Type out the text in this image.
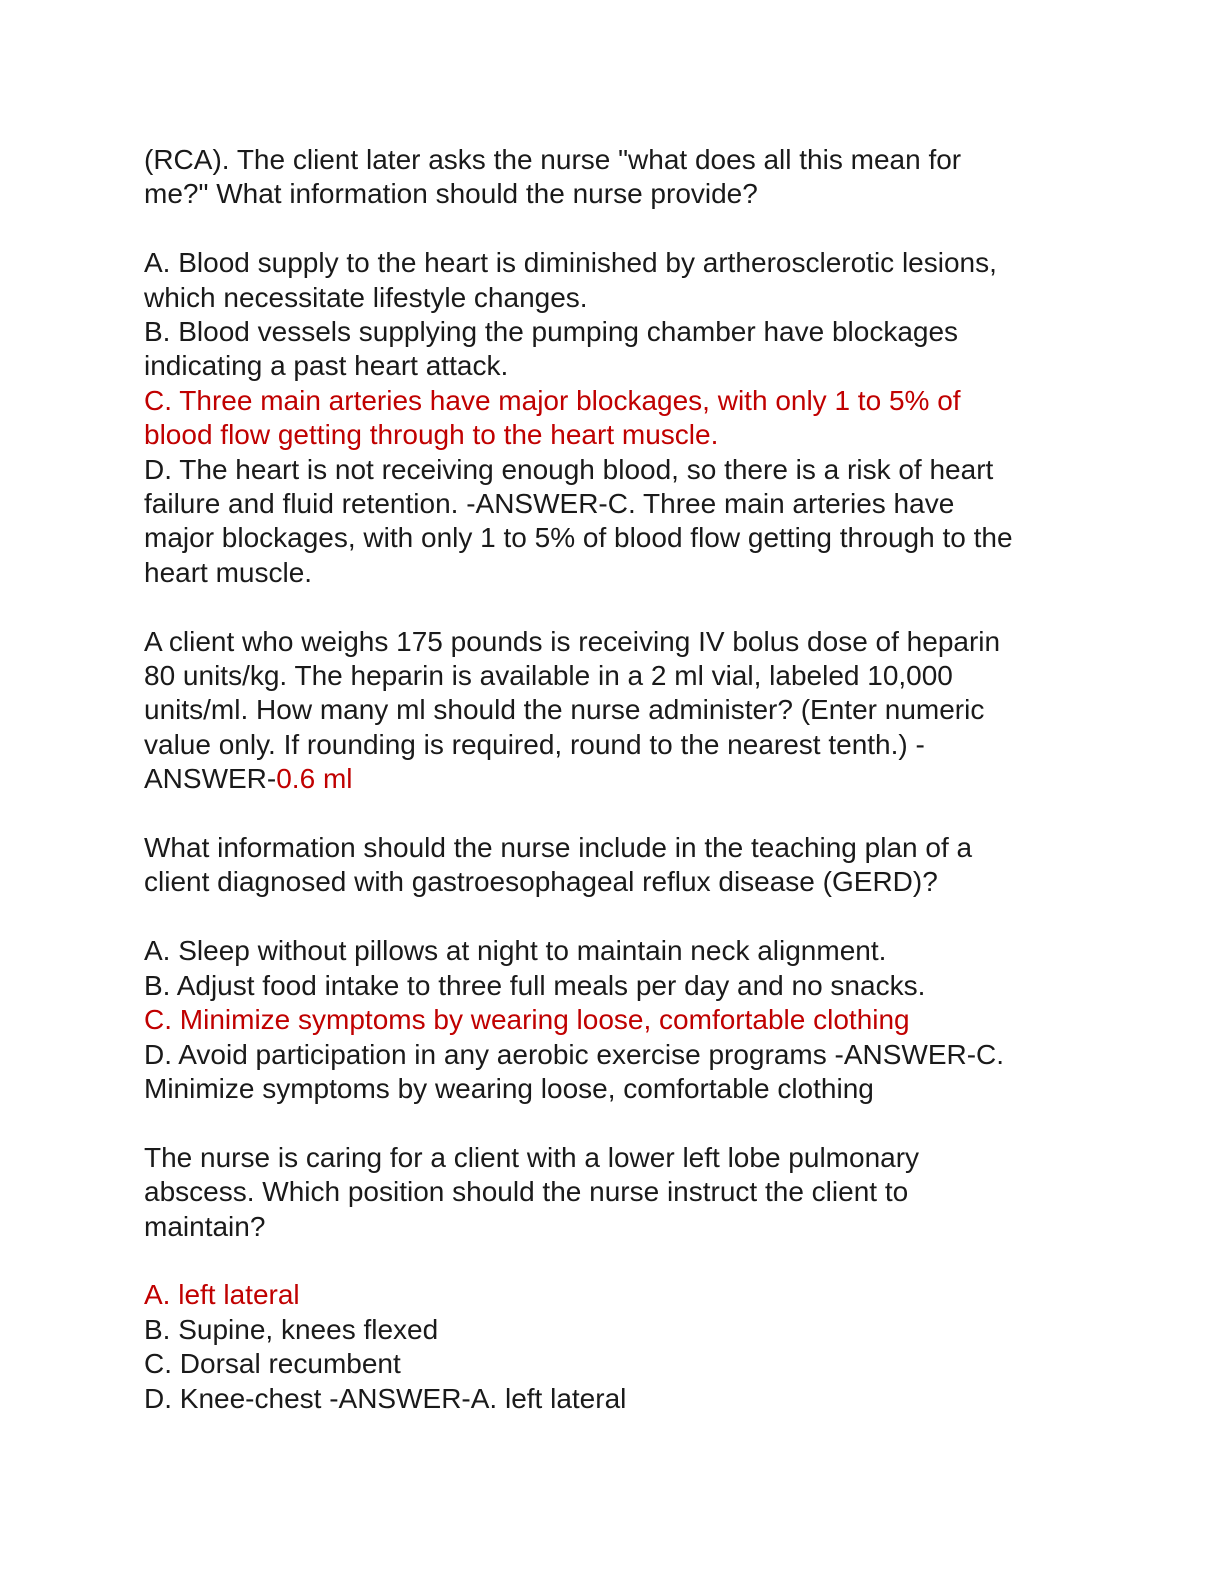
(RCA). The client later asks the nurse "what does all this mean for
me?" What information should the nurse provide?
A. Blood supply to the heart is diminished by artherosclerotic lesions,
which necessitate lifestyle changes.
B. Blood vessels supplying the pumping chamber have blockages
indicating a past heart attack.
C. Three main arteries have major blockages, with only 1 to 5% of
blood flow getting through to the heart muscle.
D. The heart is not receiving enough blood, so there is a risk of heart
failure and fluid retention. -ANSWER-C. Three main arteries have
major blockages, with only 1 to 5% of blood flow getting through to the
heart muscle.
A client who weighs 175 pounds is receiving IV bolus dose of heparin
80 units/kg. The heparin is available in a 2 ml vial, labeled 10,000
units/ml. How many ml should the nurse administer? (Enter numeric
value only. If rounding is required, round to the nearest tenth.) -
ANSWER-0.6 ml
What information should the nurse include in the teaching plan of a
client diagnosed with gastroesophageal reflux disease (GERD)?
A. Sleep without pillows at night to maintain neck alignment.
B. Adjust food intake to three full meals per day and no snacks.
C. Minimize symptoms by wearing loose, comfortable clothing
D. Avoid participation in any aerobic exercise programs -ANSWER-C.
Minimize symptoms by wearing loose, comfortable clothing
The nurse is caring for a client with a lower left lobe pulmonary
abscess. Which position should the nurse instruct the client to
maintain?
A. left lateral
B. Supine, knees flexed
C. Dorsal recumbent
D. Knee-chest -ANSWER-A. left lateral
